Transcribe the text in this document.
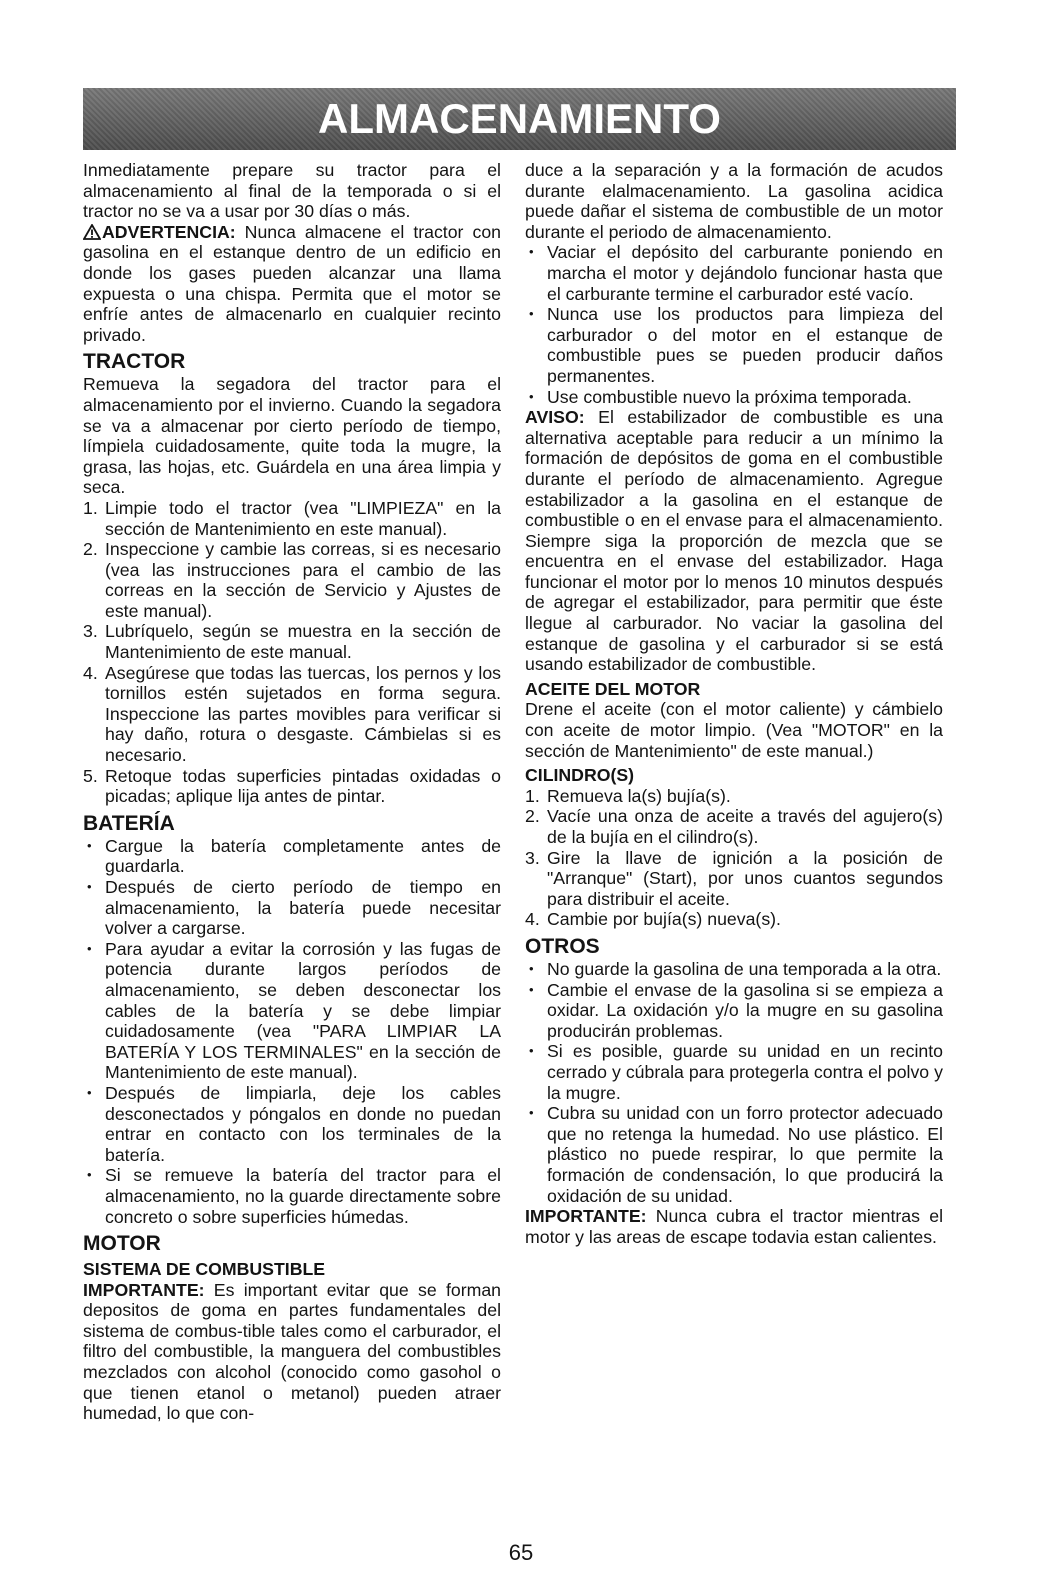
ALMACENAMIENTO

Inmediatamente prepare su tractor para el almacenamiento al final de la temporada o si el tractor no se va a usar por 30 días o más.

ADVERTENCIA: Nunca almacene el tractor con gasolina en el estanque dentro de un edificio en donde los gases pueden alcanzar una llama expuesta o una chispa. Permita que el motor se enfríe antes de almacenarlo en cualquier recinto privado.

TRACTOR

Remueva la segadora del tractor para el almacenamiento por el invierno. Cuando la segadora se va a almacenar por cierto período de tiempo, límpiela cuidadosamente, quite toda la mugre, la grasa, las hojas, etc. Guárdela en una área limpia y seca.

1. Limpie todo el tractor (vea "LIMPIEZA" en la sección de Mantenimiento en este manual).
2. Inspeccione y cambie las correas, si es necesario (vea las instrucciones para el cambio de las correas en la sección de Servicio y Ajustes de este manual).
3. Lubríquelo, según se muestra en la sección de Mantenimiento de este manual.
4. Asegúrese que todas las tuercas, los pernos y los tornillos estén sujetados en forma segura. Inspeccione las partes movibles para verificar si hay daño, rotura o desgaste. Cámbielas si es necesario.
5. Retoque todas superficies pintadas oxidadas o picadas; aplique lija antes de pintar.
BATERÍA
• Cargue la batería completamente antes de guardarla.
• Después de cierto período de tiempo en almacenamiento, la batería puede necesitar volver a cargarse.
• Para ayudar a evitar la corrosión y las fugas de potencia durante largos períodos de almacenamiento, se deben desconectar los cables de la batería y se debe limpiar cuidadosamente (vea "PARA LIMPIAR LA BATERÍA Y LOS TERMINALES" en la sección de Mantenimiento de este manual).
• Después de limpiarla, deje los cables desconectados y póngalos en donde no puedan entrar en contacto con los terminales de la batería.
• Si se remueve la batería del tractor para el almacenamiento, no la guarde directamente sobre concreto o sobre superficies húmedas.
MOTOR
SISTEMA DE COMBUSTIBLE

IMPORTANTE: Es important evitar que se forman depositos de goma en partes fundamentales del sistema de combus-tible tales como el carburador, el filtro del combustible, la manguera del combustibles mezclados con alcohol (conocido como gasohol o que tienen etanol o metanol) pueden atraer humedad, lo que con-

duce a la separación y a la formación de acudos durante elalmacenamiento. La gasolina acidica puede dañar el sistema de combustible de un motor durante el periodo de almacenamiento.

• Vaciar el depósito del carburante poniendo en marcha el motor y dejándolo funcionar hasta que el carburante termine el carburador esté vacío.
• Nunca use los productos para limpieza del carburador o del motor en el estanque de combustible pues se pueden producir daños permanentes.
• Use combustible nuevo la próxima temporada.

AVISO: El estabilizador de combustible es una alternativa aceptable para reducir a un mínimo la formación de depósitos de goma en el combustible durante el período de almacenamiento. Agregue estabilizador a la gasolina en el estanque de combustible o en el envase para el almacenamiento. Siempre siga la proporción de mezcla que se encuentra en el envase del estabilizador. Haga funcionar el motor por lo menos 10 minutos después de agregar el estabilizador, para permitir que éste llegue al carburador. No vaciar la gasolina del estanque de gasolina y el carburador si se está usando estabilizador de combustible.

ACEITE DEL MOTOR

Drene el aceite (con el motor caliente) y cámbielo con aceite de motor limpio. (Vea "MOTOR" en la sección de Mantenimiento" de este manual.)

CILINDRO(S)
1. Remueva la(s) bujía(s).
2. Vacíe una onza de aceite a través del agujero(s) de la bujía en el cilindro(s).
3. Gire la llave de ignición a la posición de "Arranque" (Start), por unos cuantos segundos para distribuir el aceite.
4. Cambie por bujía(s) nueva(s).
OTROS
• No guarde la gasolina de una temporada a la otra.
• Cambie el envase de la gasolina si se empieza a oxidar. La oxidación y/o la mugre en su gasolina producirán problemas.
• Si es posible, guarde su unidad en un recinto cerrado y cúbrala para protegerla contra el polvo y la mugre.
• Cubra su unidad con un forro protector adecuado que no retenga la humedad. No use plástico. El plástico no puede respirar, lo que permite la formación de condensación, lo que producirá la oxidación de su unidad.

IMPORTANTE: Nunca cubra el tractor mientras el motor y las areas de escape todavia estan calientes.

65
